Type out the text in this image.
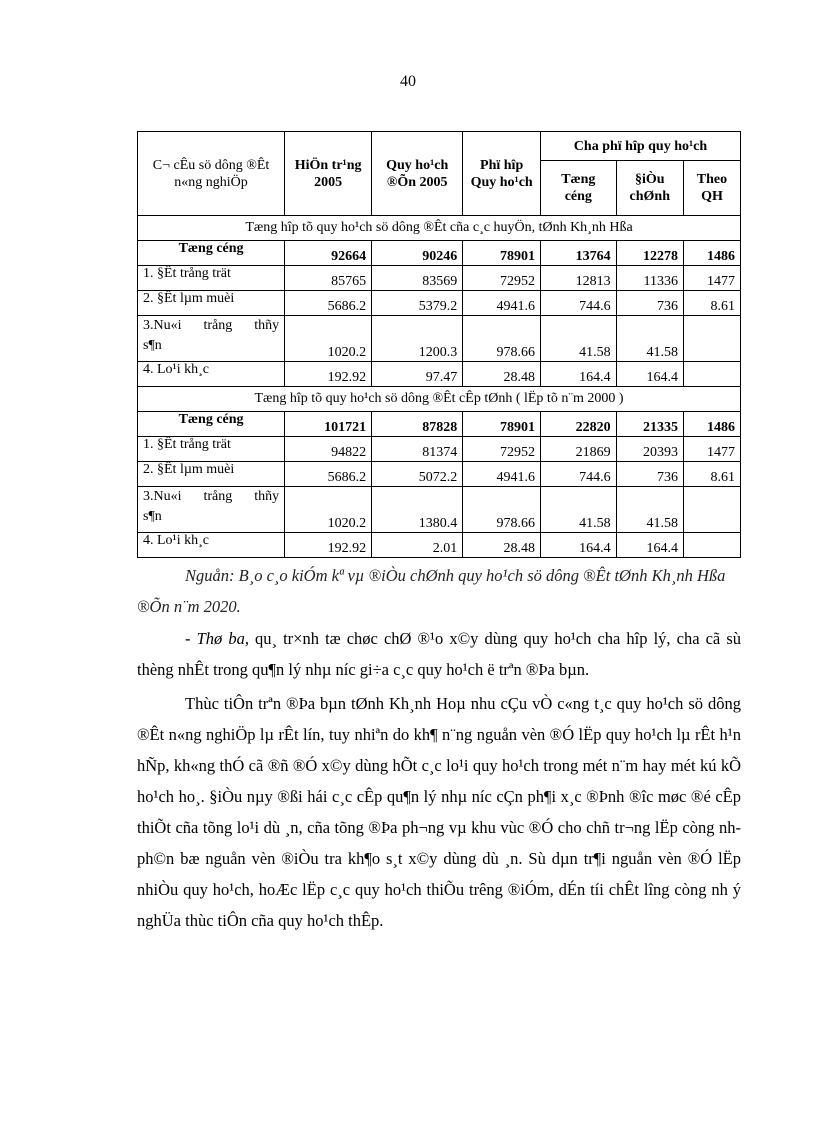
40
C¬ cÊu sö dông ®Êt n«ng nghiÖp	HiÖn tr¹ng 2005	Quy ho¹ch ®Õn 2005	Phï hîp Quy ho¹ch	Cha phï hîp quy ho¹ch		
				Tæng céng	§iÒu chØnh	Theo QH
Tæng hîp tõ quy ho¹ch sö dông ®Êt cña c¸c huyÖn, tØnh Kh¸nh Hßa						
Tæng céng	92664	90246	78901	13764	12278	1486
1. §Êt trång trät	85765	83569	72952	12813	11336	1477
2. §Êt lµm muèi	5686.2	5379.2	4941.6	744.6	736	8.61

3.Nu«i trång thñy
s¶n	1020.2	1200.3	978.66	41.58	41.58	
4. Lo¹i kh¸c	192.92	97.47	28.48	164.4	164.4	
Tæng hîp tõ quy ho¹ch sö dông ®Êt cÊp tØnh ( lËp tõ n¨m 2000 )						
Tæng céng	101721	87828	78901	22820	21335	1486
1. §Êt trång trät	94822	81374	72952	21869	20393	1477
2. §Êt lµm muèi	5686.2	5072.2	4941.6	744.6	736	8.61

3.Nu«i trång thñy
s¶n	1020.2	1380.4	978.66	41.58	41.58	
4. Lo¹i kh¸c	192.92	2.01	28.48	164.4	164.4	

Nguån: B¸o c¸o kiÓm kª vµ ®iÒu chØnh quy ho¹ch sö dông ®Êt tØnh Kh¸nh Hßa ®Õn n¨m 2020.

- Thø ba, qu¸ tr×nh tæ chøc chØ ®¹o x©y dùng quy ho¹ch cha hîp lý, cha cã sù thèng nhÊt trong qu¶n lý nhµ níc gi÷a c¸c quy ho¹ch ë trªn ®Þa bµn.

Thùc tiÔn trªn ®Þa bµn tØnh Kh¸nh Hoµ nhu cÇu vÒ c«ng t¸c quy ho¹ch sö dông ®Êt n«ng nghiÖp lµ rÊt lín, tuy nhiªn do kh¶ n¨ng nguån vèn ®Ó lËp quy ho¹ch lµ rÊt h¹n hÑp, kh«ng thÓ cã ®ñ ®Ó x©y dùng hÕt c¸c lo¹i quy ho¹ch trong mét n¨m hay mét kú kÕ ho¹ch ho¸. §iÒu nµy ®ßi hái c¸c cÊp qu¶n lý nhµ níc cÇn ph¶i x¸c ®Þnh ®îc møc ®é cÊp thiÕt cña tõng lo¹i dù ¸n, cña tõng ®Þa ph¬ng vµ khu vùc ®Ó cho chñ tr¬ng lËp còng nh ph©n bæ nguån vèn ®iÒu tra kh¶o s¸t x©y dùng dù ¸n. Sù dµn tr¶i nguån vèn ®Ó lËp nhiÒu quy ho¹ch, hoÆc lËp c¸c quy ho¹ch thiÕu trêng ®iÓm, dÉn tíi chÊt lîng còng nh ý nghÜa thùc tiÔn cña quy ho¹ch thÊp.
